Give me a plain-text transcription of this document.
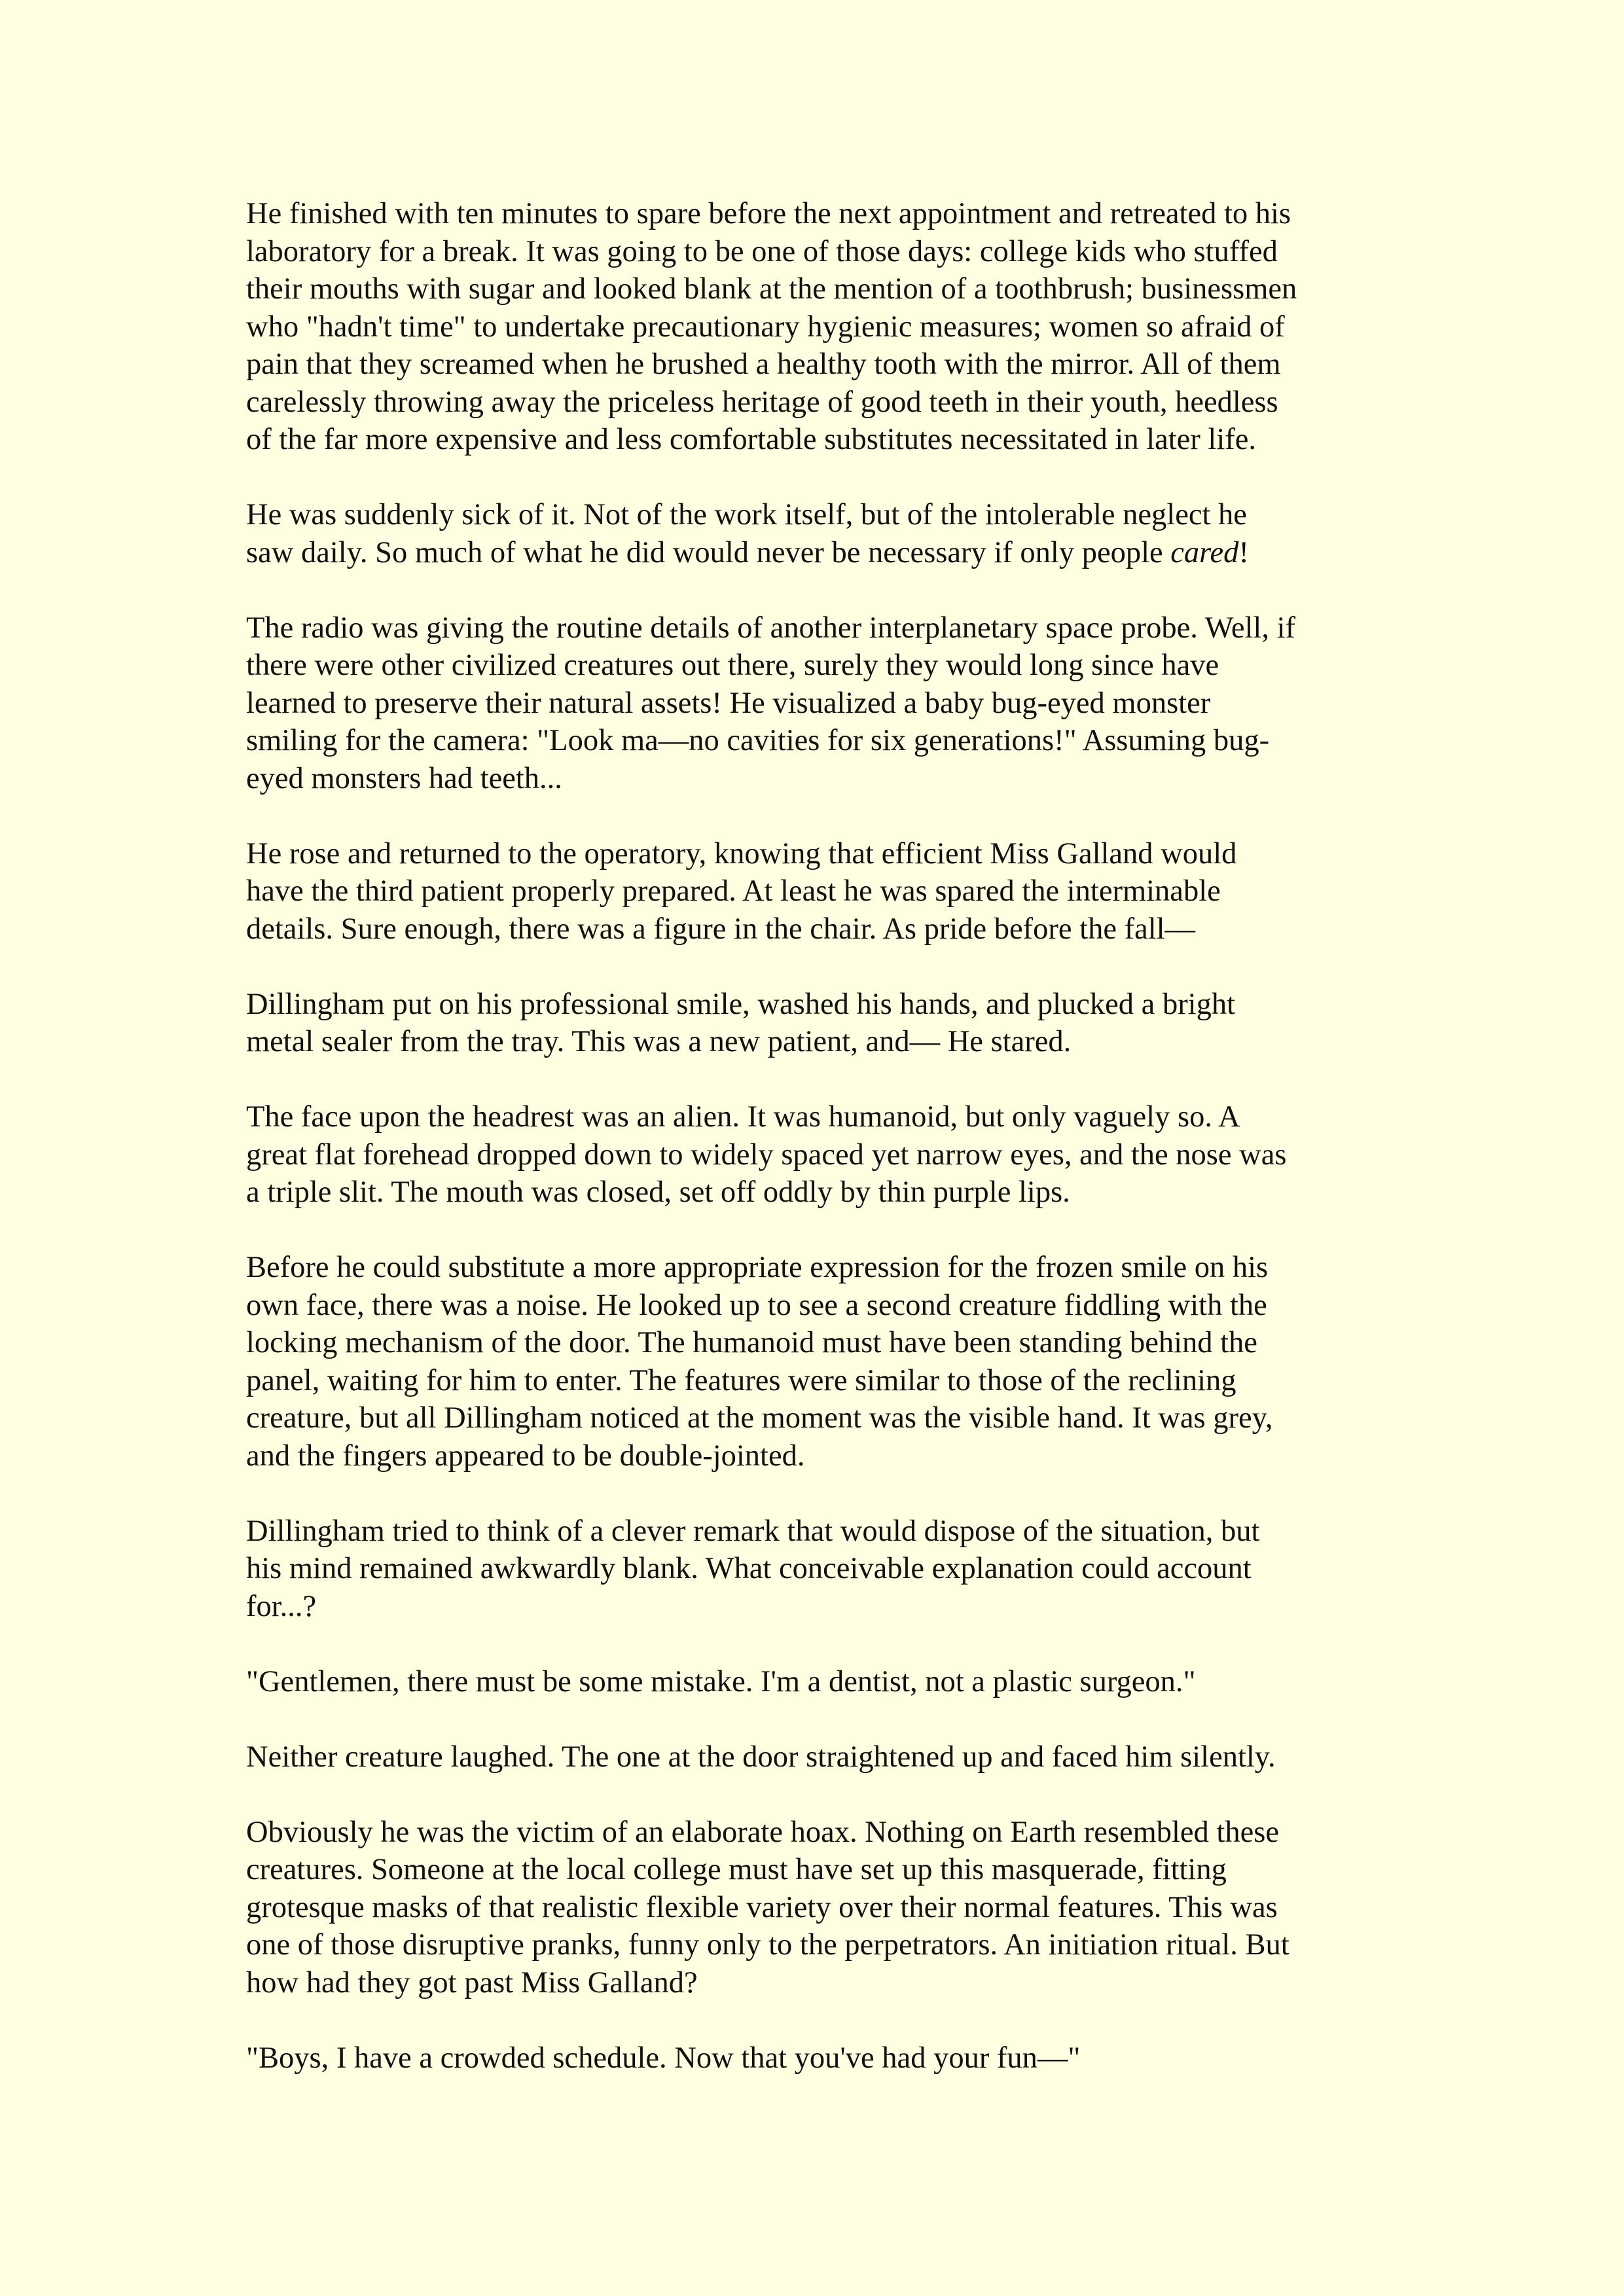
He finished with ten minutes to spare before the next appointment and retreated to his
laboratory for a break. It was going to be one of those days: college kids who stuffed
their mouths with sugar and looked blank at the mention of a toothbrush; businessmen
who "hadn't time" to undertake precautionary hygienic measures; women so afraid of
pain that they screamed when he brushed a healthy tooth with the mirror. All of them
carelessly throwing away the priceless heritage of good teeth in their youth, heedless
of the far more expensive and less comfortable substitutes necessitated in later life.

He was suddenly sick of it. Not of the work itself, but of the intolerable neglect he
saw daily. So much of what he did would never be necessary if only people cared!

The radio was giving the routine details of another interplanetary space probe. Well, if
there were other civilized creatures out there, surely they would long since have
learned to preserve their natural assets! He visualized a baby bug-eyed monster
smiling for the camera: "Look ma—no cavities for six generations!" Assuming bug-
eyed monsters had teeth...

He rose and returned to the operatory, knowing that efficient Miss Galland would
have the third patient properly prepared. At least he was spared the interminable
details. Sure enough, there was a figure in the chair. As pride before the fall—

Dillingham put on his professional smile, washed his hands, and plucked a bright
metal sealer from the tray. This was a new patient, and— He stared.

The face upon the headrest was an alien. It was humanoid, but only vaguely so. A
great flat forehead dropped down to widely spaced yet narrow eyes, and the nose was
a triple slit. The mouth was closed, set off oddly by thin purple lips.

Before he could substitute a more appropriate expression for the frozen smile on his
own face, there was a noise. He looked up to see a second creature fiddling with the
locking mechanism of the door. The humanoid must have been standing behind the
panel, waiting for him to enter. The features were similar to those of the reclining
creature, but all Dillingham noticed at the moment was the visible hand. It was grey,
and the fingers appeared to be double-jointed.

Dillingham tried to think of a clever remark that would dispose of the situation, but
his mind remained awkwardly blank. What conceivable explanation could account
for...?

"Gentlemen, there must be some mistake. I'm a dentist, not a plastic surgeon."

Neither creature laughed. The one at the door straightened up and faced him silently.

Obviously he was the victim of an elaborate hoax. Nothing on Earth resembled these
creatures. Someone at the local college must have set up this masquerade, fitting
grotesque masks of that realistic flexible variety over their normal features. This was
one of those disruptive pranks, funny only to the perpetrators. An initiation ritual. But
how had they got past Miss Galland?

"Boys, I have a crowded schedule. Now that you've had your fun—"
